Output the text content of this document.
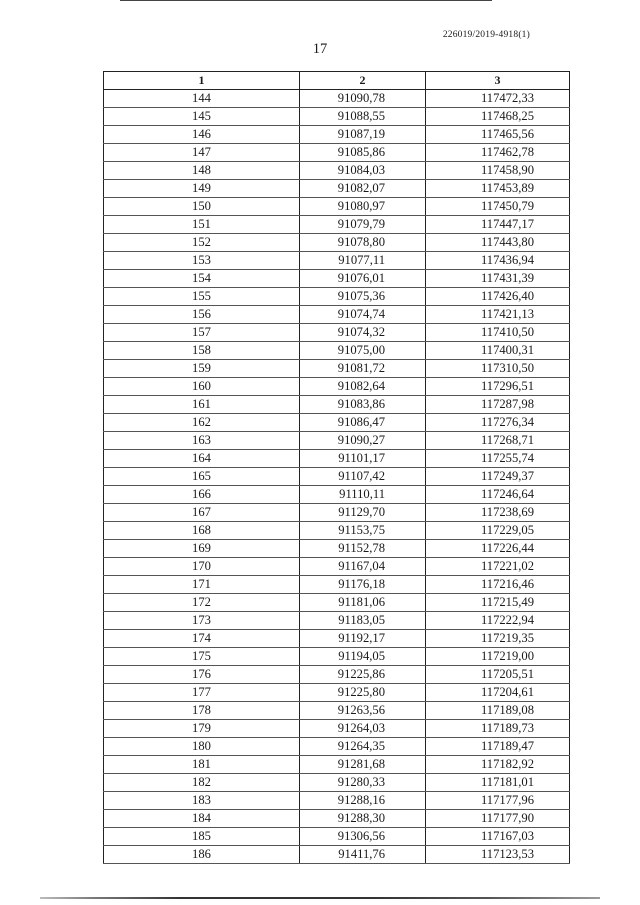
226019/2019-4918(1)
17
1	2	3
144	91090,78	117472,33
145	91088,55	117468,25
146	91087,19	117465,56
147	91085,86	117462,78
148	91084,03	117458,90
149	91082,07	117453,89
150	91080,97	117450,79
151	91079,79	117447,17
152	91078,80	117443,80
153	91077,11	117436,94
154	91076,01	117431,39
155	91075,36	117426,40
156	91074,74	117421,13
157	91074,32	117410,50
158	91075,00	117400,31
159	91081,72	117310,50
160	91082,64	117296,51
161	91083,86	117287,98
162	91086,47	117276,34
163	91090,27	117268,71
164	91101,17	117255,74
165	91107,42	117249,37
166	91110,11	117246,64
167	91129,70	117238,69
168	91153,75	117229,05
169	91152,78	117226,44
170	91167,04	117221,02
171	91176,18	117216,46
172	91181,06	117215,49
173	91183,05	117222,94
174	91192,17	117219,35
175	91194,05	117219,00
176	91225,86	117205,51
177	91225,80	117204,61
178	91263,56	117189,08
179	91264,03	117189,73
180	91264,35	117189,47
181	91281,68	117182,92
182	91280,33	117181,01
183	91288,16	117177,96
184	91288,30	117177,90
185	91306,56	117167,03
186	91411,76	117123,53
